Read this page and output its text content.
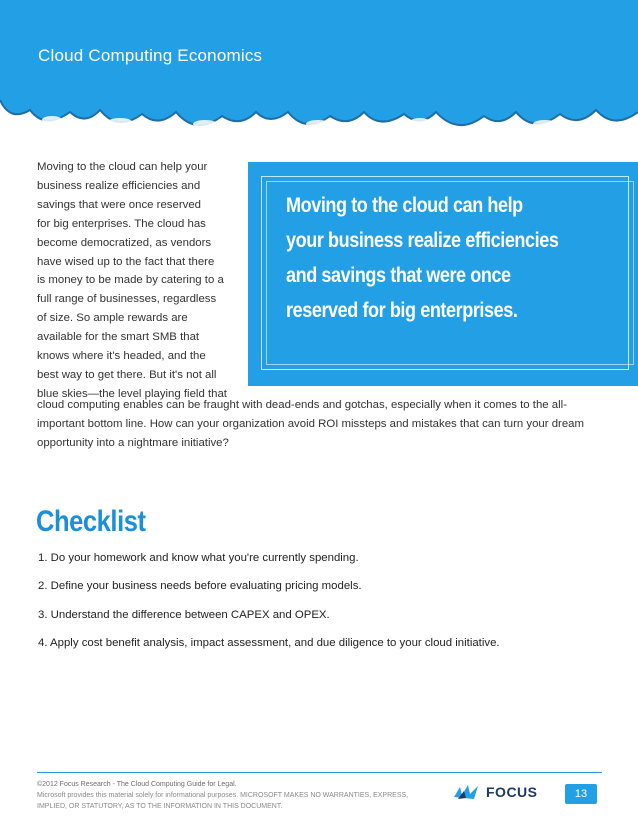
Cloud Computing Economics
Moving to the cloud can help your
business realize efficiencies and
savings that were once reserved
for big enterprises. The cloud has
become democratized, as vendors
have wised up to the fact that there
is money to be made by catering to a
full range of businesses, regardless
of size. So ample rewards are
available for the smart SMB that
knows where it's headed, and the
best way to get there. But it's not all
blue skies—the level playing field that
cloud computing enables can be fraught with dead-ends and gotchas, especially when it comes to the all-
important bottom line. How can your organization avoid ROI missteps and mistakes that can turn your dream
opportunity into a nightmare initiative?
Moving to the cloud can help
your business realize efficiencies
and savings that were once
reserved for big enterprises.
Checklist
1. Do your homework and know what you're currently spending.
2. Define your business needs before evaluating pricing models.
3. Understand the difference between CAPEX and OPEX.
4. Apply cost benefit analysis, impact assessment, and due diligence to your cloud initiative.
©2012 Focus Research - The Cloud Computing Guide for Legal.
Microsoft provides this material solely for informational purposes. MICROSOFT MAKES NO WARRANTIES, EXPRESS,
IMPLIED, OR STATUTORY, AS TO THE INFORMATION IN THIS DOCUMENT.
FOCUS	13
